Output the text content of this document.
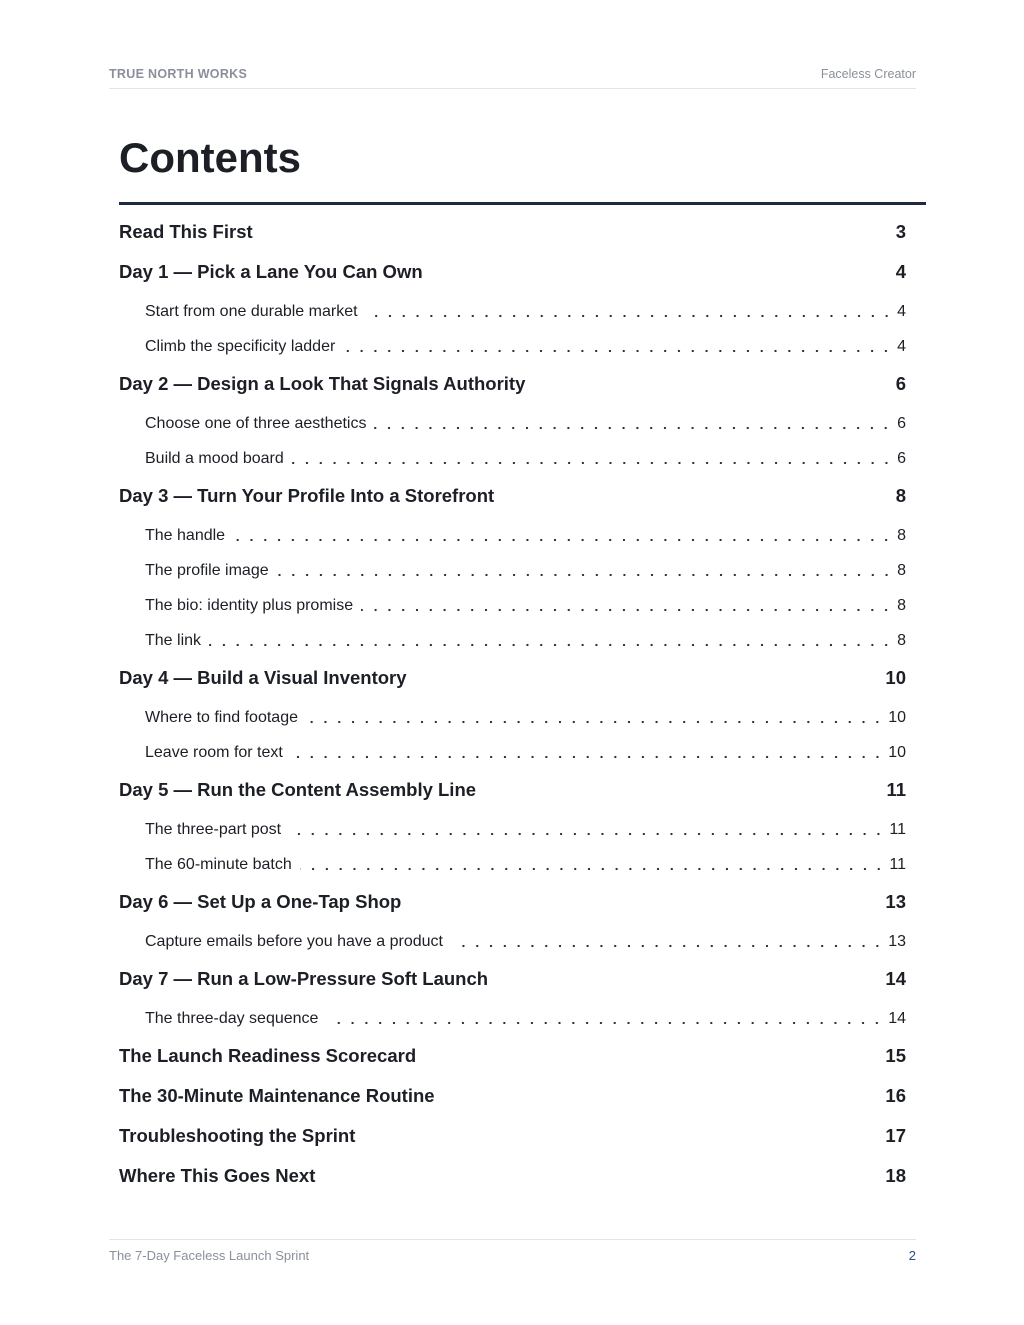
TRUE NORTH WORKS	Faceless Creator
Contents
Read This First	3
Day 1 — Pick a Lane You Can Own	4
Start from one durable market	4
Climb the specificity ladder	4
Day 2 — Design a Look That Signals Authority	6
Choose one of three aesthetics	6
Build a mood board	6
Day 3 — Turn Your Profile Into a Storefront	8
The handle	8
The profile image	8
The bio: identity plus promise	8
The link	8
Day 4 — Build a Visual Inventory	10
Where to find footage	10
Leave room for text	10
Day 5 — Run the Content Assembly Line	11
The three-part post	11
The 60-minute batch	11
Day 6 — Set Up a One-Tap Shop	13
Capture emails before you have a product	13
Day 7 — Run a Low-Pressure Soft Launch	14
The three-day sequence	14
The Launch Readiness Scorecard	15
The 30-Minute Maintenance Routine	16
Troubleshooting the Sprint	17
Where This Goes Next	18
The 7-Day Faceless Launch Sprint	2
